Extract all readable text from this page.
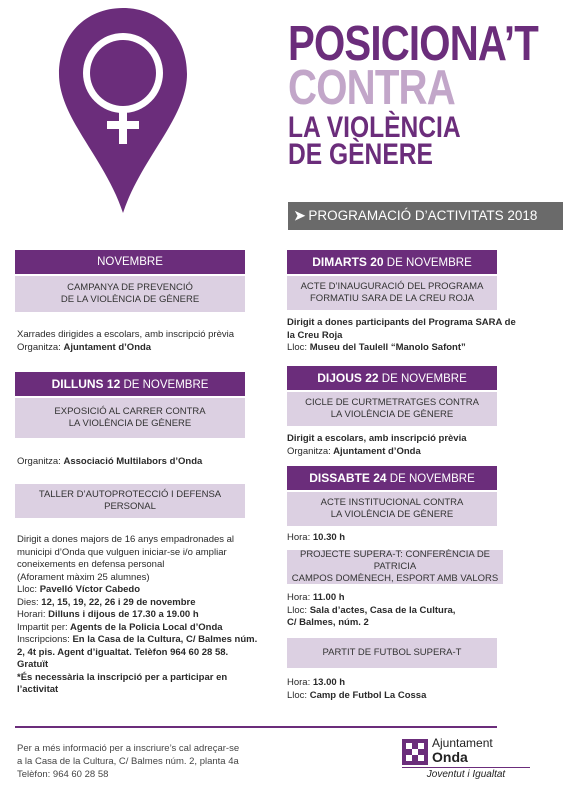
POSICIONA’T
CONTRA
LA VIOLÈNCIA
DE GÈNERE
➤ PROGRAMACIÓ D’ACTIVITATS 2018
NOVEMBRE
CAMPANYA DE PREVENCIÓ
DE LA VIOLÈNCIA DE GÈNERE
Xarrades dirigides a escolars, amb inscripció prèvia
Organitza: Ajuntament d’Onda
DILLUNS 12 DE NOVEMBRE
EXPOSICIÓ AL CARRER CONTRA
LA VIOLÈNCIA DE GÈNERE
Organitza: Associació Multilabors d’Onda
TALLER D’AUTOPROTECCIÓ I DEFENSA PERSONAL
Dirigit a dones majors de 16 anys empadronades al
municipi d’Onda que vulguen iniciar-se i/o ampliar
coneixements en defensa personal
(Aforament màxim 25 alumnes)
Lloc: Pavelló Víctor Cabedo
Dies: 12, 15, 19, 22, 26 i 29 de novembre
Horari: Dilluns i dijous de 17.30 a 19.00 h
Impartit per: Agents de la Policia Local d’Onda
Inscripcions: En la Casa de la Cultura, C/ Balmes núm.
2, 4t pis. Agent d’igualtat. Telèfon 964 60 28 58.
Gratuït
*És necessària la inscripció per a participar en
l’activitat
DIMARTS 20 DE NOVEMBRE
ACTE D’INAUGURACIÓ DEL PROGRAMA
FORMATIU SARA DE LA CREU ROJA
Dirigit a dones participants del Programa SARA de
la Creu Roja
Lloc: Museu del Taulell “Manolo Safont”
DIJOUS 22 DE NOVEMBRE
CICLE DE CURTMETRATGES CONTRA
LA VIOLÈNCIA DE GÈNERE
Dirigit a escolars, amb inscripció prèvia
Organitza: Ajuntament d’Onda
DISSABTE 24 DE NOVEMBRE
ACTE INSTITUCIONAL CONTRA
LA VIOLÈNCIA DE GÈNERE
Hora: 10.30 h
PROJECTE SUPERA-T: CONFERÈNCIA DE PATRICIA
CAMPOS DOMÈNECH, ESPORT AMB VALORS
Hora: 11.00 h
Lloc: Sala d’actes, Casa de la Cultura,
C/ Balmes, núm. 2
PARTIT DE FUTBOL SUPERA-T
Hora: 13.00 h
Lloc: Camp de Futbol La Cossa
Per a més informació per a inscriure’s cal adreçar-se
a la Casa de la Cultura, C/ Balmes núm. 2, planta 4a
Telèfon: 964 60 28 58
Ajuntament
Onda
Joventut i Igualtat
